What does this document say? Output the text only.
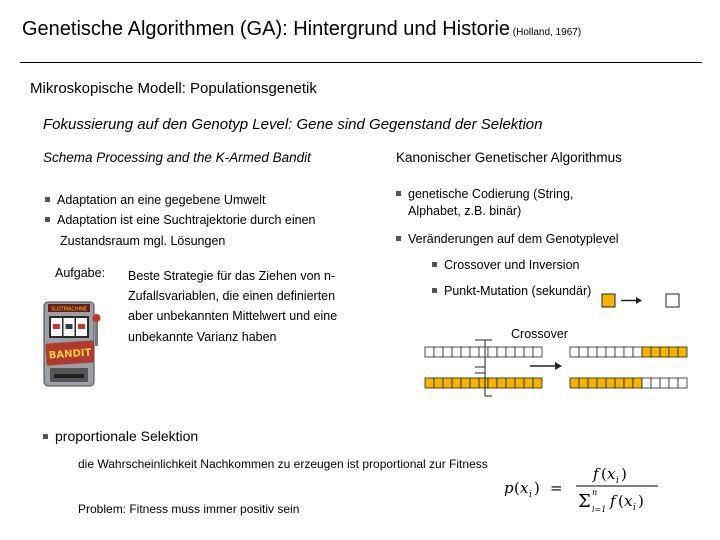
Genetische Algorithmen (GA): Hintergrund und Historie (Holland, 1967)
Mikroskopische Modell: Populationsgenetik
Fokussierung auf den Genotyp Level: Gene sind Gegenstand der Selektion
Schema Processing and the K-Armed Bandit	Kanonischer Genetischer Algorithmus
Adaptation an eine gegebene Umwelt
Adaptation ist eine Suchtrajektorie durch einen
Zustandsraum mgl. Lösungen
Aufgabe: Beste Strategie für das Ziehen von n-Zufallsvariablen, die einen definierten aber unbekannten Mittelwert und eine unbekannte Varianz haben
SLOTMACHINE
BANDIT
genetische Codierung (String,
Alphabet, z.B. binär)
Veränderungen auf dem Genotyplevel
Crossover und Inversion
Punkt-Mutation (sekundär)
Crossover
proportionale Selektion
die Wahrscheinlichkeit Nachkommen zu erzeugen ist proportional zur Fitness
Problem: Fitness muss immer positiv sein
p ( x i ) =
f ( x i )
Σ n
i=1 f ( x i )
